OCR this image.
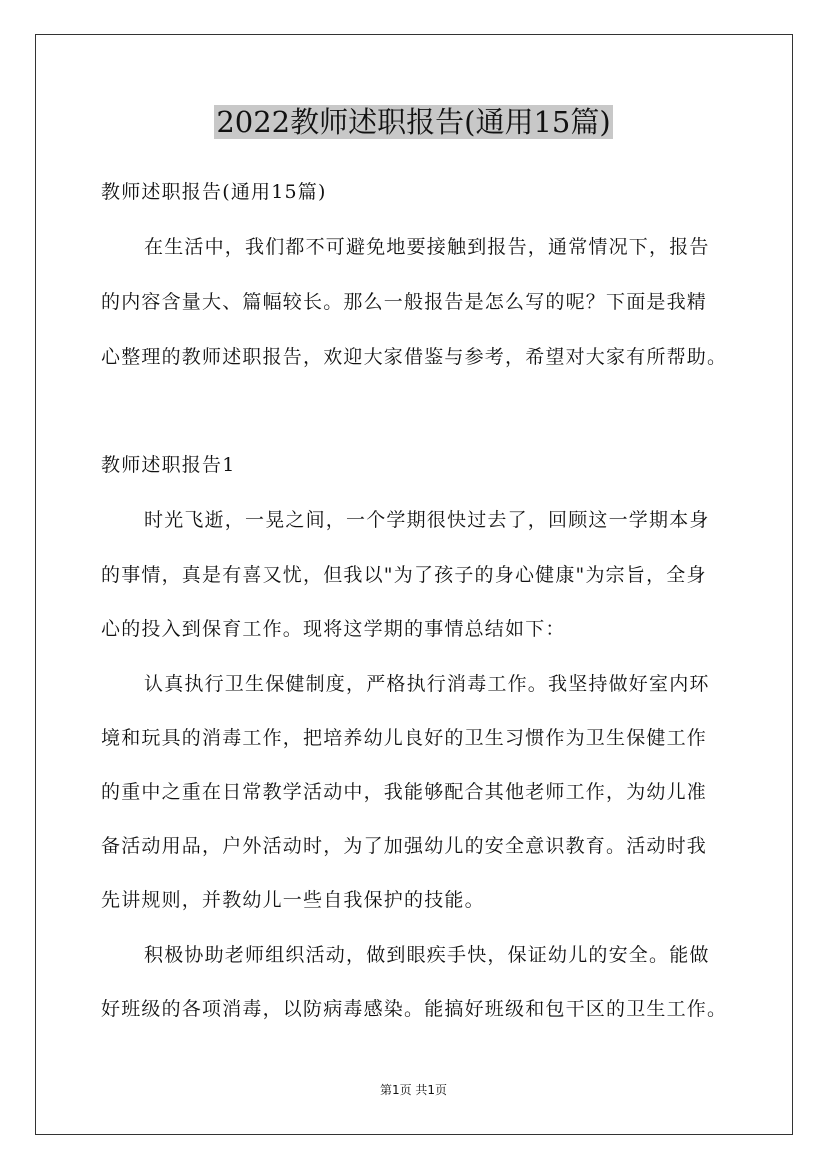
2022教师述职报告(通用15篇)
教师述职报告(通用15篇)
在生活中，我们都不可避免地要接触到报告，通常情况下，报告
的内容含量大、篇幅较长。那么一般报告是怎么写的呢？下面是我精
心整理的教师述职报告，欢迎大家借鉴与参考，希望对大家有所帮助。
教师述职报告1
时光飞逝，一晃之间，一个学期很快过去了，回顾这一学期本身
的事情，真是有喜又忧，但我以"为了孩子的身心健康"为宗旨，全身
心的投入到保育工作。现将这学期的事情总结如下：
认真执行卫生保健制度，严格执行消毒工作。我坚持做好室内环
境和玩具的消毒工作，把培养幼儿良好的卫生习惯作为卫生保健工作
的重中之重在日常教学活动中，我能够配合其他老师工作，为幼儿准
备活动用品，户外活动时，为了加强幼儿的安全意识教育。活动时我
先讲规则，并教幼儿一些自我保护的技能。
积极协助老师组织活动，做到眼疾手快，保证幼儿的安全。能做
好班级的各项消毒，以防病毒感染。能搞好班级和包干区的卫生工作。
第1页 共1页
